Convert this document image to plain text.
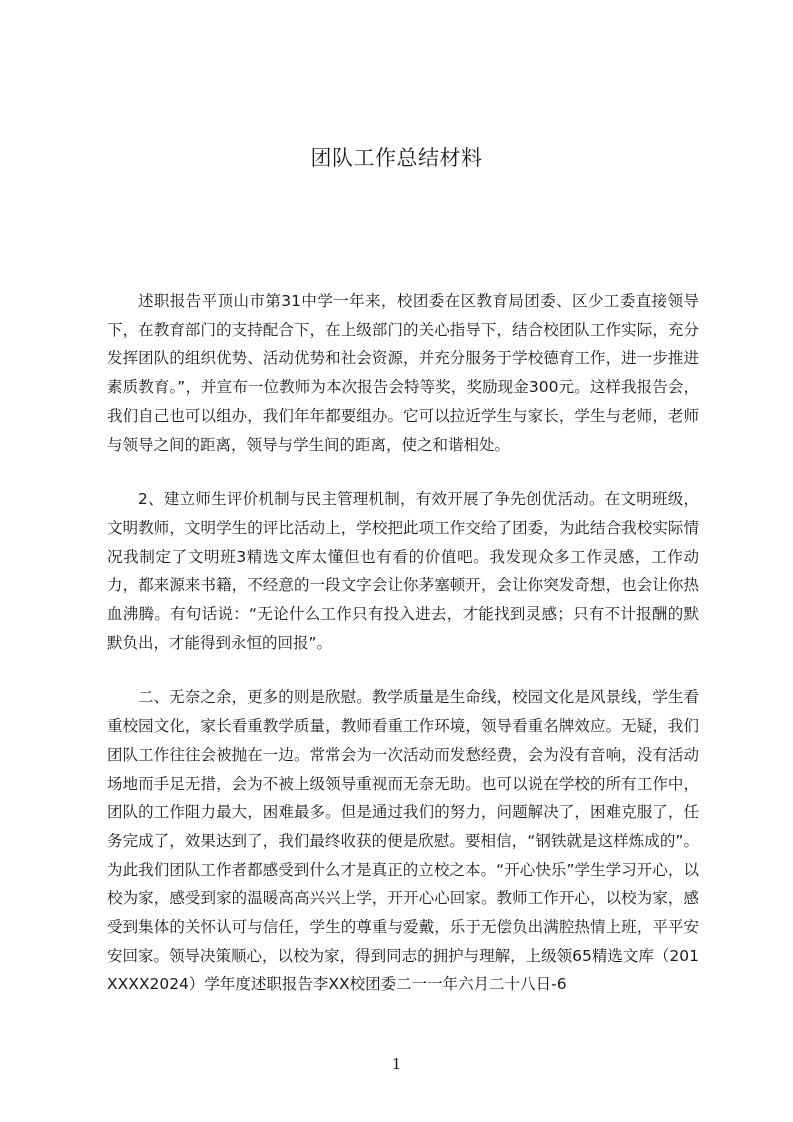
团队工作总结材料

述职报告平顶山市第31中学一年来，校团委在区教育局团委、区少工委直接领导下，在教育部门的支持配合下，在上级部门的关心指导下，结合校团队工作实际，充分发挥团队的组织优势、活动优势和社会资源，并充分服务于学校德育工作，进一步推进素质教育。”，并宣布一位教师为本次报告会特等奖，奖励现金300元。这样我报告会，我们自己也可以组办，我们年年都要组办。它可以拉近学生与家长，学生与老师，老师与领导之间的距离，领导与学生间的距离，使之和谐相处。

2、建立师生评价机制与民主管理机制，有效开展了争先创优活动。在文明班级，文明教师，文明学生的评比活动上，学校把此项工作交给了团委，为此结合我校实际情况我制定了文明班3精选文库太懂但也有看的价值吧。我发现众多工作灵感，工作动力，都来源来书籍，不经意的一段文字会让你茅塞顿开，会让你突发奇想，也会让你热血沸腾。有句话说：“无论什么工作只有投入进去，才能找到灵感；只有不计报酬的默默负出，才能得到永恒的回报”。

二、无奈之余，更多的则是欣慰。教学质量是生命线，校园文化是风景线，学生看重校园文化，家长看重教学质量，教师看重工作环境，领导看重名牌效应。无疑，我们团队工作往往会被抛在一边。常常会为一次活动而发愁经费，会为没有音响，没有活动场地而手足无措，会为不被上级领导重视而无奈无助。也可以说在学校的所有工作中，团队的工作阻力最大，困难最多。但是通过我们的努力，问题解决了，困难克服了，任务完成了，效果达到了，我们最终收获的便是欣慰。要相信，“钢铁就是这样炼成的”。为此我们团队工作者都感受到什么才是真正的立校之本。“开心快乐”学生学习开心，以校为家，感受到家的温暖高高兴兴上学，开开心心回家。教师工作开心，以校为家，感受到集体的关怀认可与信任，学生的尊重与爱戴，乐于无偿负出满腔热情上班，平平安安回家。领导决策顺心，以校为家，得到同志的拥护与理解，上级领65精选文库（201XXXX2024）学年度述职报告李XX校团委二一一年六月二十八日-6

1
